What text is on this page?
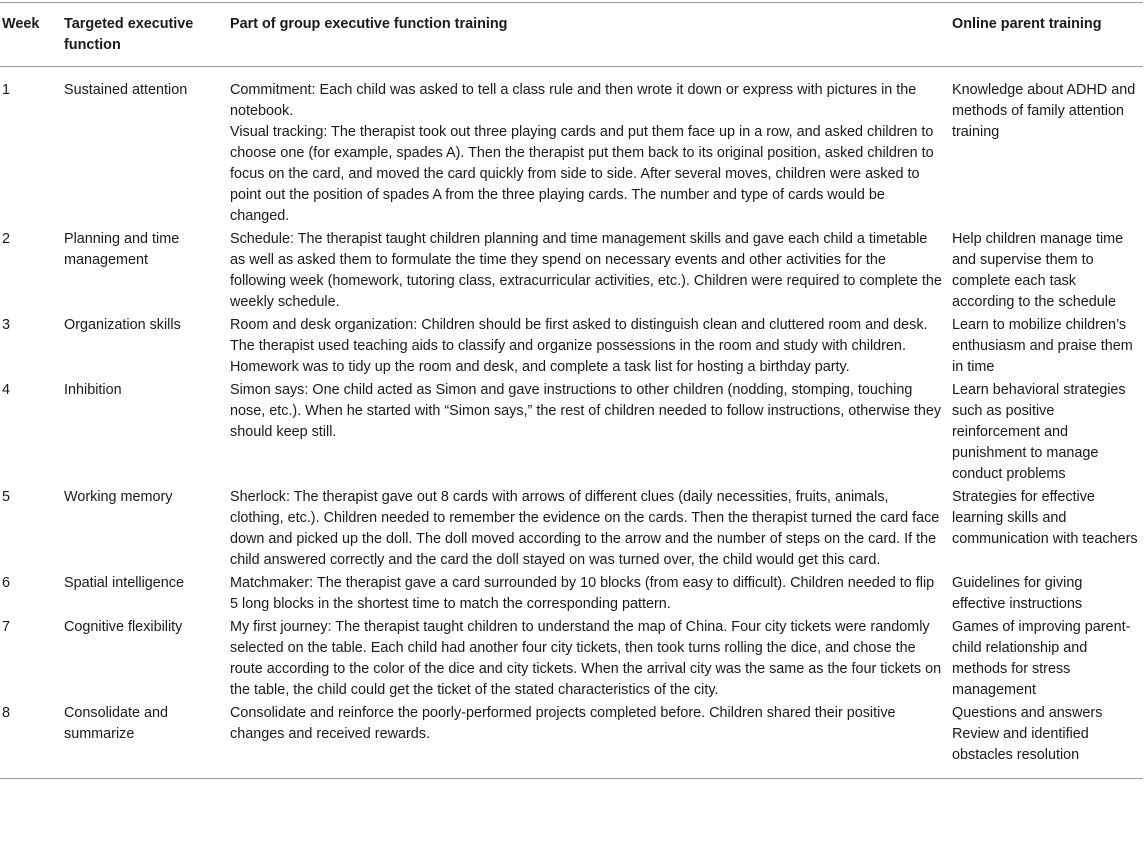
Week	Targeted executive function	Part of group executive function training	Online parent training
1	Sustained attention	Commitment: Each child was asked to tell a class rule and then wrote it down or express with pictures in the notebook.
Visual tracking: The therapist took out three playing cards and put them face up in a row, and asked children to choose one (for example, spades A). Then the therapist put them back to its original position, asked children to focus on the card, and moved the card quickly from side to side. After several moves, children were asked to point out the position of spades A from the three playing cards. The number and type of cards would be changed.	Knowledge about ADHD and methods of family attention training

2	Planning and time management	Schedule: The therapist taught children planning and time management skills and gave each child a timetable as well as asked them to formulate the time they spend on necessary events and other activities for the following week (homework, tutoring class, extracurricular activities, etc.). Children were required to complete the weekly schedule.	Help children manage time and supervise them to complete each task according to the schedule

3	Organization skills	Room and desk organization: Children should be first asked to distinguish clean and cluttered room and desk. The therapist used teaching aids to classify and organize possessions in the room and study with children. Homework was to tidy up the room and desk, and complete a task list for hosting a birthday party.	Learn to mobilize children’s enthusiasm and praise them in time

4	Inhibition	Simon says: One child acted as Simon and gave instructions to other children (nodding, stomping, touching nose, etc.). When he started with “Simon says,” the rest of children needed to follow instructions, otherwise they should keep still.	Learn behavioral strategies such as positive reinforcement and punishment to manage conduct problems

5	Working memory	Sherlock: The therapist gave out 8 cards with arrows of different clues (daily necessities, fruits, animals, clothing, etc.). Children needed to remember the evidence on the cards. Then the therapist turned the card face down and picked up the doll. The doll moved according to the arrow and the number of steps on the card. If the child answered correctly and the card the doll stayed on was turned over, the child would get this card.	Strategies for effective learning skills and communication with teachers

6	Spatial intelligence	Matchmaker: The therapist gave a card surrounded by 10 blocks (from easy to difficult). Children needed to flip 5 long blocks in the shortest time to match the corresponding pattern.	Guidelines for giving effective instructions

7	Cognitive flexibility	My first journey: The therapist taught children to understand the map of China. Four city tickets were randomly selected on the table. Each child had another four city tickets, then took turns rolling the dice, and chose the route according to the color of the dice and city tickets. When the arrival city was the same as the four tickets on the table, the child could get the ticket of the stated characteristics of the city.	Games of improving parent-child relationship and methods for stress management

8	Consolidate and summarize	Consolidate and reinforce the poorly-performed projects completed before. Children shared their positive changes and received rewards.	Questions and answers
Review and identified obstacles resolution
